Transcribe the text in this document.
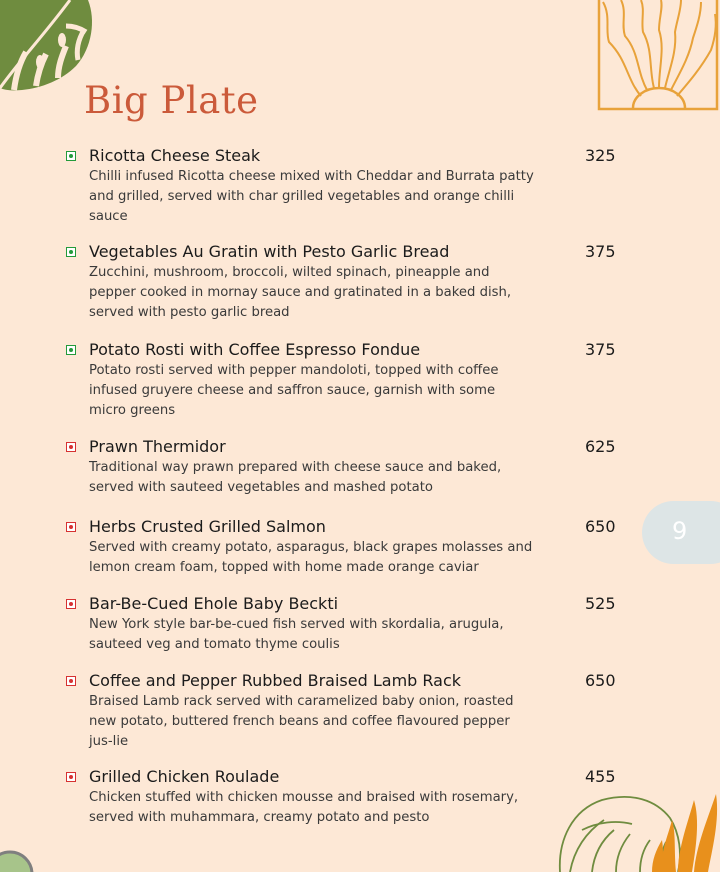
Big Plate
Ricotta Cheese Steak	325
Chilli infused Ricotta cheese mixed with Cheddar and Burrata patty and grilled, served with char grilled vegetables and orange chilli sauce
Vegetables Au Gratin with Pesto Garlic Bread	375
Zucchini, mushroom, broccoli, wilted spinach, pineapple and pepper cooked in mornay sauce and gratinated in a baked dish, served with pesto garlic bread
Potato Rosti with Coffee Espresso Fondue	375
Potato rosti served with pepper mandoloti, topped with coffee infused gruyere cheese and saffron sauce, garnish with some micro greens
Prawn Thermidor	625
Traditional way prawn prepared with cheese sauce and baked, served with sauteed vegetables and mashed potato
Herbs Crusted Grilled Salmon	650
Served with creamy potato, asparagus, black grapes molasses and lemon cream foam, topped with home made orange caviar
Bar-Be-Cued Ehole Baby Beckti	525
New York style bar-be-cued fish served with skordalia, arugula, sauteed veg and tomato thyme coulis
Coffee and Pepper Rubbed Braised Lamb Rack	650
Braised Lamb rack served with caramelized baby onion, roasted new potato, buttered french beans and coffee flavoured pepper jus-lie
Grilled Chicken Roulade	455
Chicken stuffed with chicken mousse and braised with rosemary, served with muhammara, creamy potato and pesto
9
